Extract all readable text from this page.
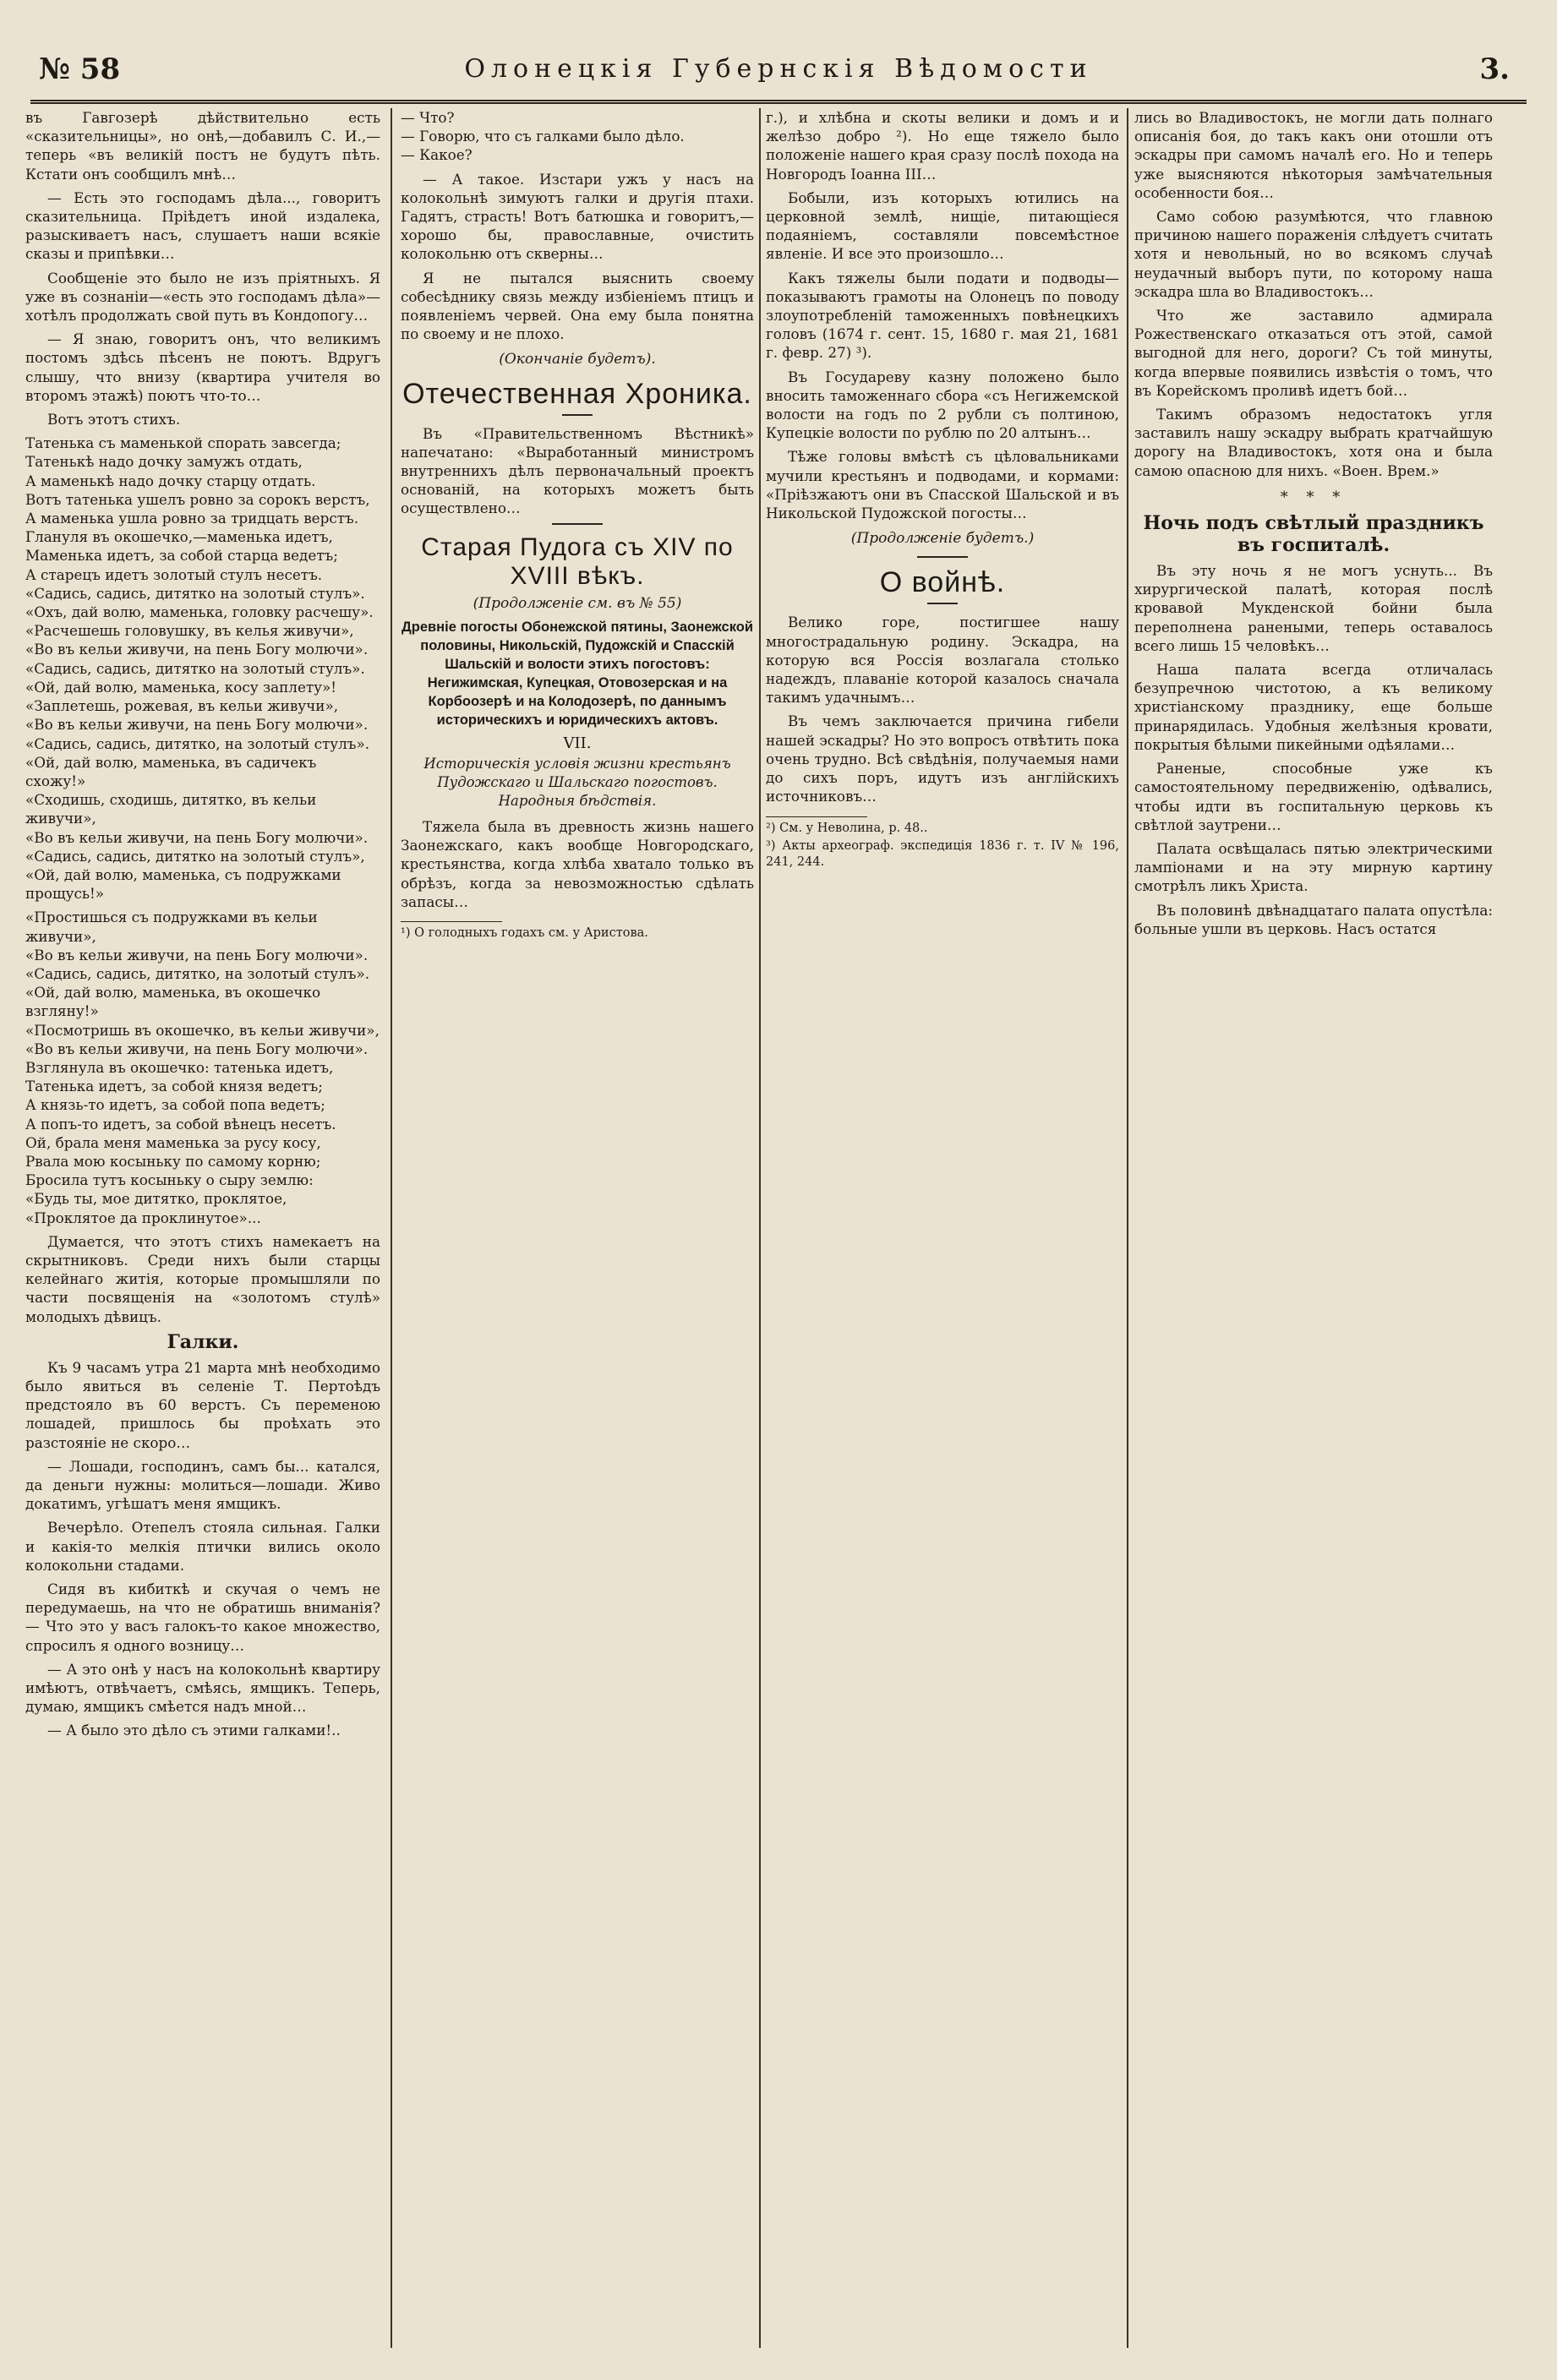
№ 58	Олонецкія Губернскія Вѣдомости	3.

въ Гавгозерѣ дѣйствительно есть «сказительницы», но онѣ,—добавилъ С. И.,—теперь «въ великій постъ не будутъ пѣть. Кстати онъ сообщилъ мнѣ…

— Есть это господамъ дѣла..., говоритъ сказительница. Пріѣдетъ иной издалека, разыскиваетъ насъ, слушаетъ наши всякіе сказы и припѣвки…

Сообщеніе это было не изъ пріятныхъ. Я уже въ сознаніи—«есть это господамъ дѣла»—хотѣлъ продолжать свой путь въ Кондопогу…

— Я знаю, говоритъ онъ, что великимъ постомъ здѣсь пѣсенъ не поютъ. Вдругъ слышу, что внизу (квартира учителя во второмъ этажѣ) поютъ что-то…

Вотъ этотъ стихъ.

Татенька съ маменькой спорать завсегда;
Татенькѣ надо дочку замужъ отдать,
А маменькѣ надо дочку старцу отдать.
Вотъ татенька ушелъ ровно за сорокъ верстъ,
А маменька ушла ровно за тридцать верстъ.
Глануля въ окошечко,—маменька идетъ,
Маменька идетъ, за собой старца ведетъ;
А старецъ идетъ золотый стулъ несетъ.
«Садись, садись, дитятко на золотый стулъ».
«Охъ, дай волю, маменька, головку расчешу».
«Расчешешь головушку, въ келья живучи»,
«Во въ кельи живучи, на пень Богу молючи».
«Садись, садись, дитятко на золотый стулъ».
«Ой, дай волю, маменька, косу заплету»!
«Заплетешь, рожевая, въ кельи живучи»,
«Во въ кельи живучи, на пень Богу молючи».
«Садись, садись, дитятко, на золотый стулъ».
«Ой, дай волю, маменька, въ садичекъ схожу!»
«Сходишь, сходишь, дитятко, въ кельи живучи»,
«Во въ кельи живучи, на пень Богу молючи».
«Садись, садись, дитятко на золотый стулъ»,
«Ой, дай волю, маменька, съ подружками прощусь!»

«Простишься съ подружками въ кельи живучи»,
«Во въ кельи живучи, на пень Богу молючи».
«Садись, садись, дитятко, на золотый стулъ».
«Ой, дай волю, маменька, въ окошечко взгляну!»
«Посмотришь въ окошечко, въ кельи живучи»,
«Во въ кельи живучи, на пень Богу молючи».
Взглянула въ окошечко: татенька идетъ,
Татенька идетъ, за собой князя ведетъ;
А князь-то идетъ, за собой попа ведетъ;
А попъ-то идетъ, за собой вѣнецъ несетъ.
Ой, брала меня маменька за русу косу,
Рвала мою косыньку по самому корню;
Бросила тутъ косыньку о сыру землю:
«Будь ты, мое дитятко, проклятое,
«Проклятое да проклинутое»...

Думается, что этотъ стихъ намекаетъ на скрытниковъ. Среди нихъ были старцы келейнаго житія, которые промышляли по части посвященія на «золотомъ стулѣ» молодыхъ дѣвицъ.

Галки.

Къ 9 часамъ утра 21 марта мнѣ необходимо было явиться въ селеніе Т. Пертоѣдъ предстояло въ 60 верстъ. Съ переменою лошадей, пришлось бы проѣхать это разстояніе не скоро…

— Лошади, господинъ, самъ бы... катался, да деньги нужны: молиться—лошади. Живо докатимъ, угѣшатъ меня ямщикъ.

Вечерѣло. Отепелъ стояла сильная. Галки и какія-то мелкія птички вились около колокольни стадами.

Сидя въ кибиткѣ и скучая о чемъ не передумаешь, на что не обратишь вниманія? — Что это у васъ галокъ-то какое множество, спросилъ я одного возницу…

— А это онѣ у насъ на колокольнѣ квартиру имѣютъ, отвѣчаетъ, смѣясь, ямщикъ. Теперь, думаю, ямщикъ смѣется надъ мной…

— А было это дѣло съ этими галками!..

— Что?
— Говорю, что съ галками было дѣло.
— Какое?

— А такое. Изстари ужъ у насъ на колокольнѣ зимуютъ галки и другія птахи. Гадятъ, страсть! Вотъ батюшка и говоритъ,—хорошо бы, православные, очистить колокольню отъ скверны…

Я не пытался выяснить своему собесѣднику связь между избіеніемъ птицъ и появленіемъ червей. Она ему была понятна по своему и не плохо.

(Окончаніе будетъ).

Отечественная Хроника.

Въ «Правительственномъ Вѣстникѣ» напечатано: «Выработанный министромъ внутреннихъ дѣлъ первоначальный проектъ основаній, на которыхъ можетъ быть осуществлено…

Старая Пудога съ XIV по XVIII вѣкъ.

(Продолженіе см. въ № 55)

Древніе погосты Обонежской пятины, Заонежской половины, Никольскій, Пудожскій и Спасскій Шальскій и волости этихъ погостовъ: Негижимская, Купецкая, Отовозерская и на Корбоозерѣ и на Колодозерѣ, по даннымъ историческихъ и юридическихъ актовъ.

VII.

Историческія условія жизни крестьянъ Пудожскаго и Шальскаго погостовъ. Народныя бѣдствія.

Тяжела была въ древность жизнь нашего Заонежскаго, какъ вообще Новгородскаго, крестьянства, когда хлѣба хватало только въ обрѣзъ, когда за невозможностью сдѣлать запасы…

¹) О голодныхъ годахъ см. у Аристова.

г.), и хлѣбна и скоты велики и домъ и и желѣзо добро ²). Но еще тяжело было положеніе нашего края сразу послѣ похода на Новгородъ Іоанна III…

Бобыли, изъ которыхъ ютились на церковной землѣ, нищіе, питающіеся подаяніемъ, составляли повсемѣстное явленіе. И все это произошло…

Какъ тяжелы были подати и подводы—показываютъ грамоты на Олонецъ по поводу злоупотребленій таможенныхъ повѣнецкихъ головъ (1674 г. сент. 15, 1680 г. мая 21, 1681 г. февр. 27) ³).

Въ Государеву казну положено было вносить таможеннаго сбора «съ Негижемской волости на годъ по 2 рубли съ полтиною, Купецкіе волости по рублю по 20 алтынъ…

Тѣже головы вмѣстѣ съ цѣловальниками мучили крестьянъ и подводами, и кормами: «Пріѣзжаютъ они въ Спасской Шальской и въ Никольской Пудожской погосты…

(Продолженіе будетъ.)

О войнѣ.

Велико горе, постигшее нашу многострадальную родину. Эскадра, на которую вся Россія возлагала столько надеждъ, плаваніе которой казалось сначала такимъ удачнымъ…

Въ чемъ заключается причина гибели нашей эскадры? Но это вопросъ отвѣтить пока очень трудно. Всѣ свѣдѣнія, получаемыя нами до сихъ поръ, идутъ изъ англійскихъ источниковъ…

²) См. у Неволина, р. 48..

³) Акты археограф. экспедиція 1836 г. т. IV № 196, 241, 244.

лись во Владивостокъ, не могли дать полнаго описанія боя, до такъ какъ они отошли отъ эскадры при самомъ началѣ его. Но и теперь уже выясняются нѣкоторыя замѣчательныя особенности боя…

Само собою разумѣются, что главною причиною нашего пораженія слѣдуетъ считать хотя и невольный, но во всякомъ случаѣ неудачный выборъ пути, по которому наша эскадра шла во Владивостокъ…

Что же заставило адмирала Рожественскаго отказаться отъ этой, самой выгодной для него, дороги? Съ той минуты, когда впервые появились извѣстія о томъ, что въ Корейскомъ проливѣ идетъ бой…

Такимъ образомъ недостатокъ угля заставилъ нашу эскадру выбрать кратчайшую дорогу на Владивостокъ, хотя она и была самою опасною для нихъ. «Воен. Врем.»

* * *

Ночь подъ свѣтлый праздникъ въ госпиталѣ.

Въ эту ночь я не могъ уснуть... Въ хирургической палатѣ, которая послѣ кровавой Мукденской бойни была переполнена ранеными, теперь оставалось всего лишь 15 человѣкъ…

Наша палата всегда отличалась безупречною чистотою, а къ великому христіанскому празднику, еще больше принарядилась. Удобныя желѣзныя кровати, покрытыя бѣлыми пикейными одѣялами…

Раненые, способные уже къ самостоятельному передвиженію, одѣвались, чтобы идти въ госпитальную церковь къ свѣтлой заутрени…

Палата освѣщалась пятью электрическими лампіонами и на эту мирную картину смотрѣлъ ликъ Христа.

Въ половинѣ двѣнадцатаго палата опустѣла: больные ушли въ церковь. Насъ остатся
